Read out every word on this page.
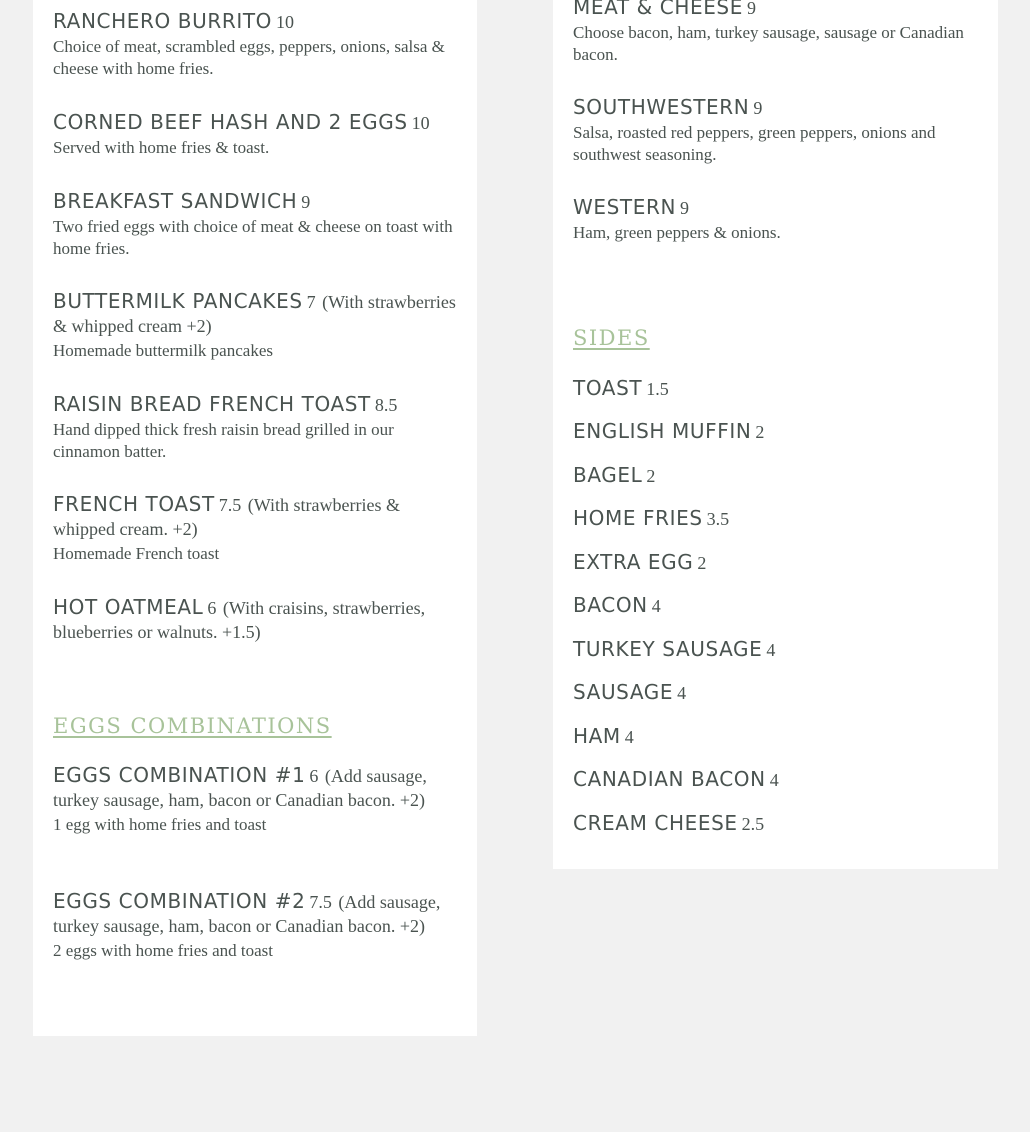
RANCHERO BURRITO 10

Choice of meat, scrambled eggs, peppers, onions, salsa & cheese with home fries.

CORNED BEEF HASH AND 2 EGGS 10

Served with home fries & toast.

BREAKFAST SANDWICH 9

Two fried eggs with choice of meat & cheese on toast with home fries.

BUTTERMILK PANCAKES 7 (With strawberries & whipped cream +2)

Homemade buttermilk pancakes

RAISIN BREAD FRENCH TOAST 8.5

Hand dipped thick fresh raisin bread grilled in our cinnamon batter.

FRENCH TOAST 7.5 (With strawberries & whipped cream. +2)

Homemade French toast

HOT OATMEAL 6 (With craisins, strawberries, blueberries or walnuts. +1.5)

EGGS COMBINATIONS

EGGS COMBINATION #1 6 (Add sausage, turkey sausage, ham, bacon or Canadian bacon. +2)

1 egg with home fries and toast

EGGS COMBINATION #2 7.5 (Add sausage, turkey sausage, ham, bacon or Canadian bacon. +2)

2 eggs with home fries and toast

MEAT & CHEESE 9

Choose bacon, ham, turkey sausage, sausage or Canadian bacon.

SOUTHWESTERN 9

Salsa, roasted red peppers, green peppers, onions and southwest seasoning.

WESTERN 9

Ham, green peppers & onions.

SIDES

TOAST 1.5

ENGLISH MUFFIN 2

BAGEL 2

HOME FRIES 3.5

EXTRA EGG 2

BACON 4

TURKEY SAUSAGE 4

SAUSAGE 4

HAM 4

CANADIAN BACON 4

CREAM CHEESE 2.5
